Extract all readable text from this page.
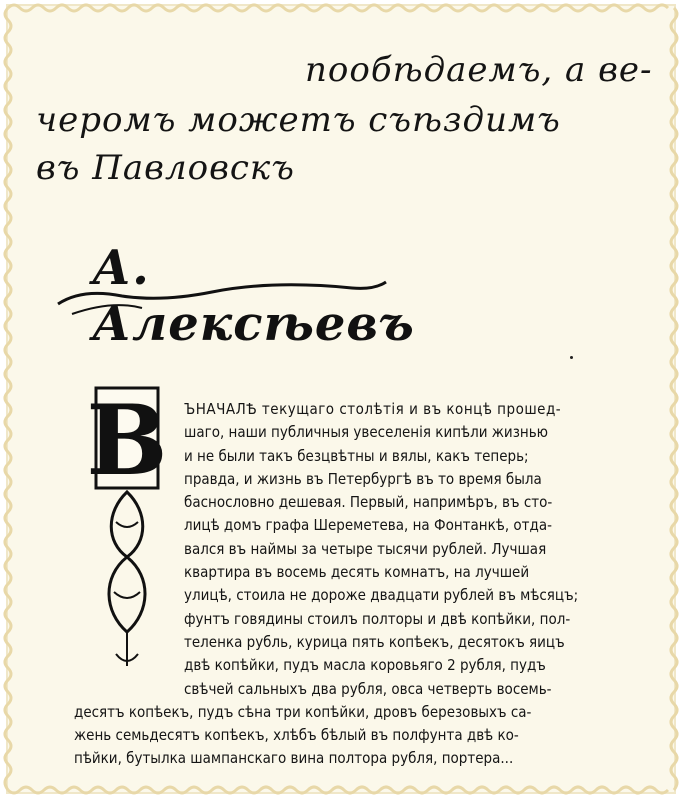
пообѣдаемъ, а ве-
черомъ можетъ съѣздимъ
въ Павловскъ
А. Алексѣевъ
В	ЪНАЧАЛѢ текущаго столѣтія и въ концѣ прошед-
шаго, наши публичныя увеселенія кипѣли жизнью
и не были такъ безцвѣтны и вялы, какъ теперь;
правда, и жизнь въ Петербургѣ въ то время была
баснословно дешевая. Первый, напримѣръ, въ сто-
лицѣ домъ графа Шереметева, на Фонтанкѣ, отда-
вался въ наймы за четыре тысячи рублей. Лучшая
квартира въ восемь десять комнатъ, на лучшей
улицѣ, стоила не дороже двадцати рублей въ мѣсяцъ;
фунтъ говядины стоилъ полторы и двѣ копѣйки, пол-
теленка рубль, курица пять копѣекъ, десятокъ яицъ
двѣ копѣйки, пудъ масла коровьяго 2 рубля, пудъ
свѣчей сальныхъ два рубля, овса четверть восемь-
десятъ копѣекъ, пудъ сѣна три копѣйки, дровъ березовыхъ са-
жень семьдесятъ копѣекъ, хлѣбъ бѣлый въ полфунта двѣ ко-
пѣйки, бутылка шампанскаго вина полтора рубля, портера...
